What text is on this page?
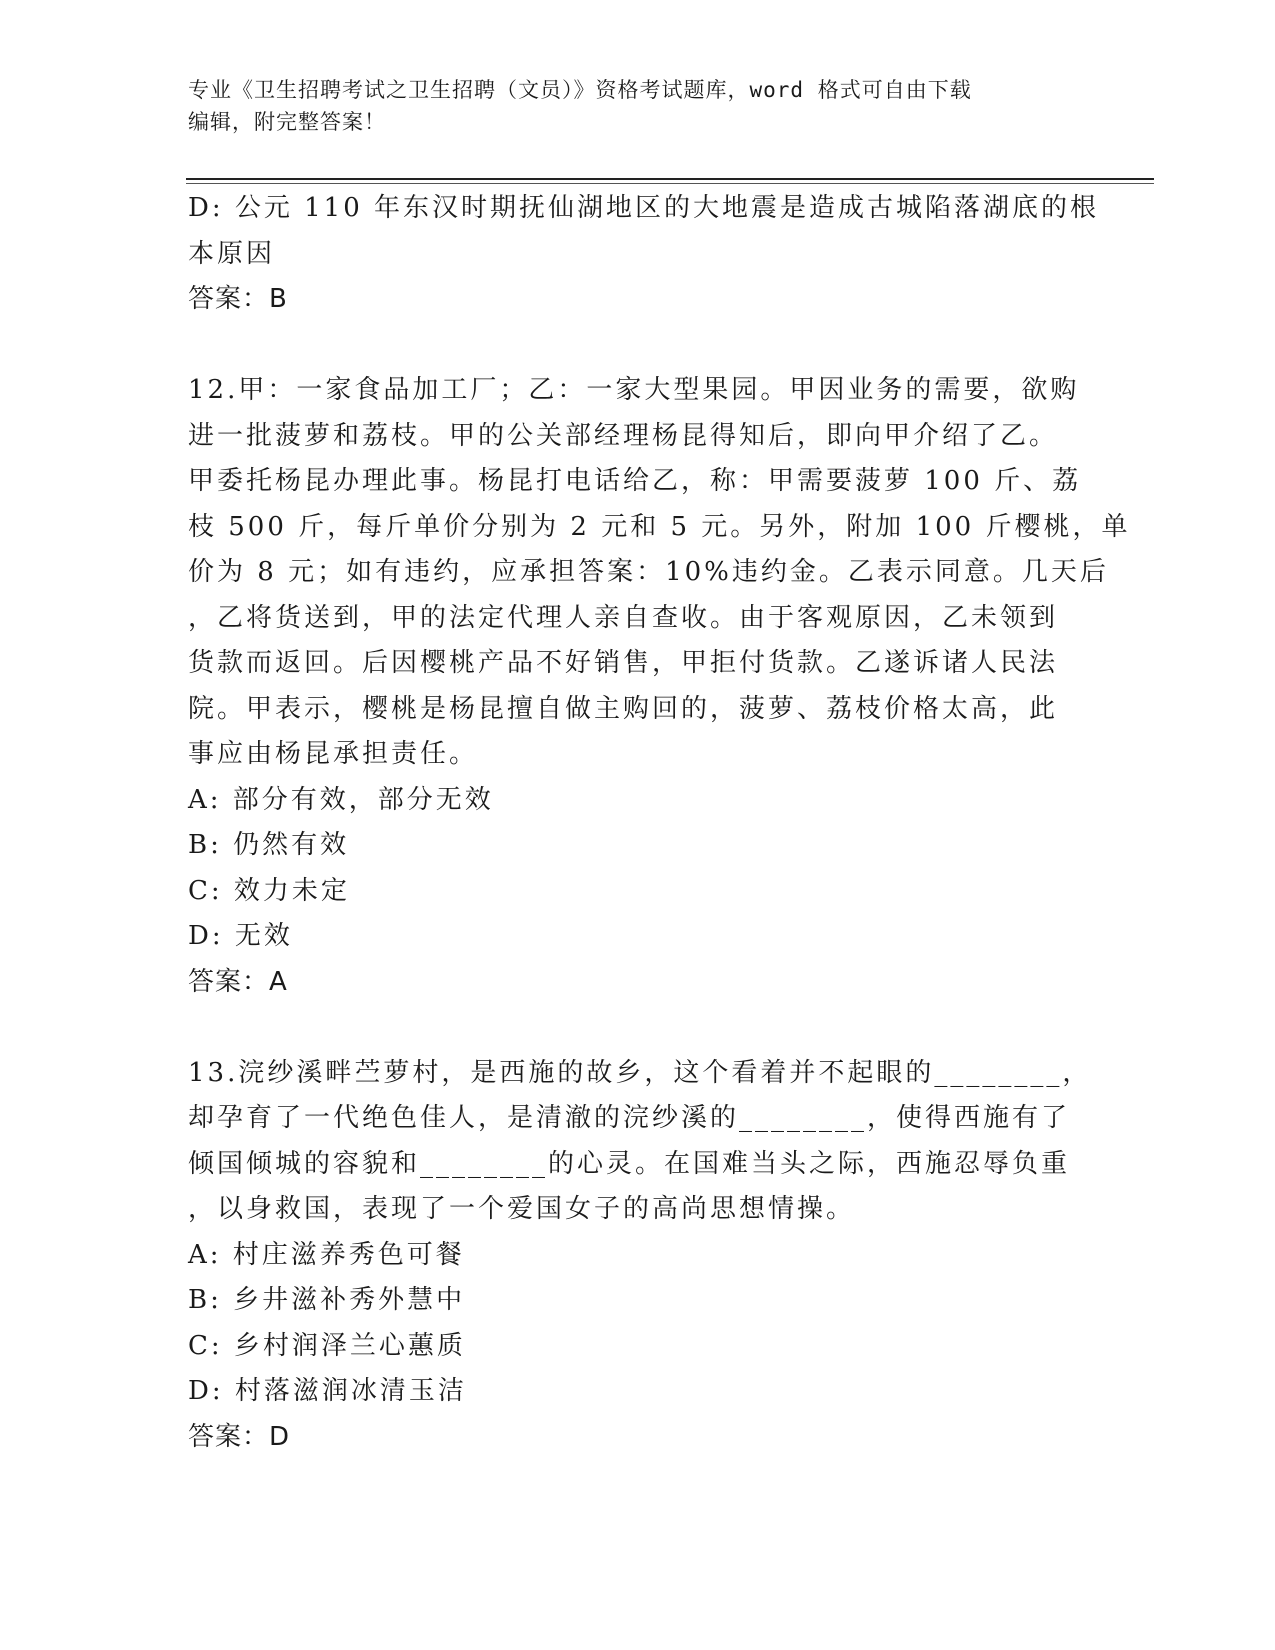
专业《卫生招聘考试之卫生招聘（文员）》资格考试题库，word 格式可自由下载
编辑，附完整答案！
D: 公元 110 年东汉时期抚仙湖地区的大地震是造成古城陷落湖底的根
本原因
答案：B
12.甲：一家食品加工厂；乙：一家大型果园。甲因业务的需要，欲购
进一批菠萝和荔枝。甲的公关部经理杨昆得知后，即向甲介绍了乙。
甲委托杨昆办理此事。杨昆打电话给乙，称：甲需要菠萝 100 斤、荔
枝 500 斤，每斤单价分别为 2 元和 5 元。另外，附加 100 斤樱桃，单
价为 8 元；如有违约，应承担答案：10%违约金。乙表示同意。几天后
，乙将货送到，甲的法定代理人亲自查收。由于客观原因，乙未领到
货款而返回。后因樱桃产品不好销售，甲拒付货款。乙遂诉诸人民法
院。甲表示，樱桃是杨昆擅自做主购回的，菠萝、荔枝价格太高，此
事应由杨昆承担责任。
A: 部分有效，部分无效
B: 仍然有效
C: 效力未定
D: 无效
答案：A
13.浣纱溪畔苎萝村，是西施的故乡，这个看着并不起眼的________，
却孕育了一代绝色佳人，是清澈的浣纱溪的________，使得西施有了
倾国倾城的容貌和________的心灵。在国难当头之际，西施忍辱负重
，以身救国，表现了一个爱国女子的高尚思想情操。
A: 村庄滋养秀色可餐
B: 乡井滋补秀外慧中
C: 乡村润泽兰心蕙质
D: 村落滋润冰清玉洁
答案：D
